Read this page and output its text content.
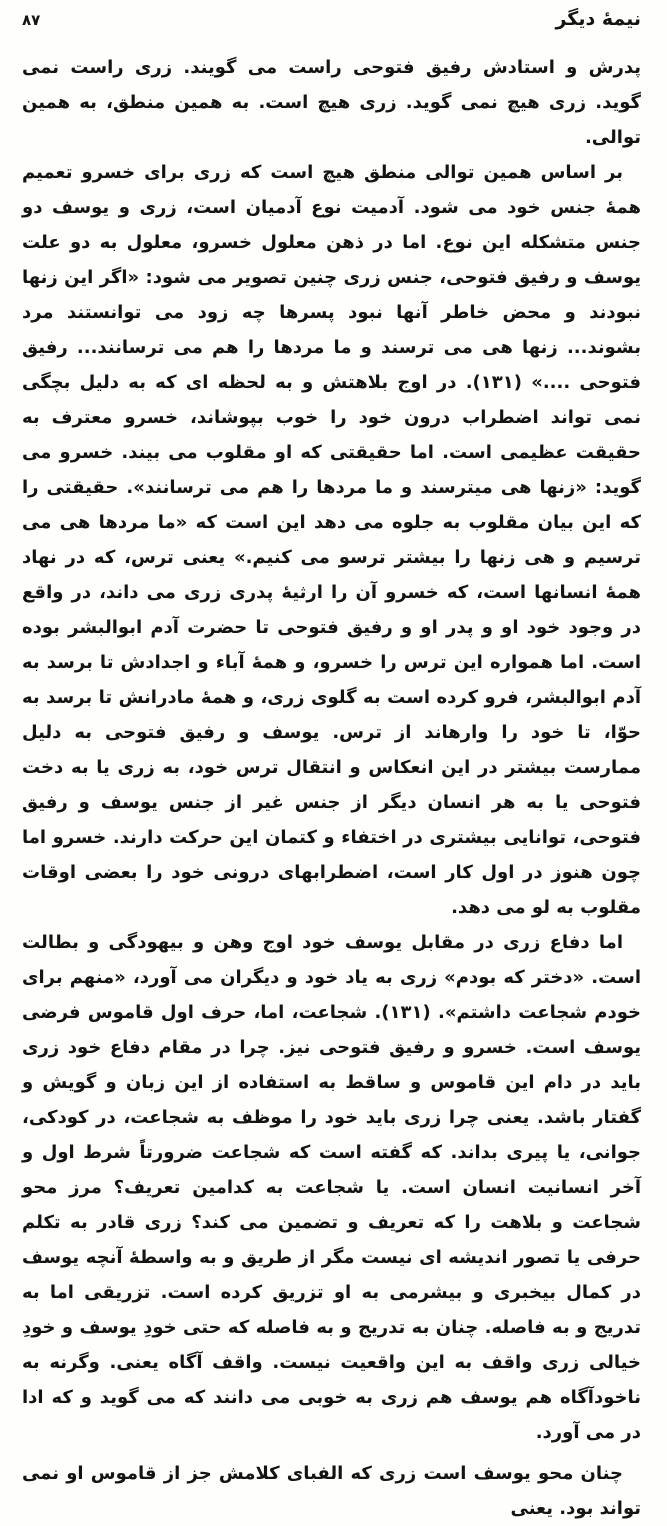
۸۷	نیمهٔ دیگر

پدرش و استادش رفیق فتوحی راست می گویند. زری راست نمی گوید. زری هیچ نمی گوید. زری هیچ است. به همین منطق، به همین توالی.

بر اساس همین توالی منطق هیچ است که زری برای خسرو تعمیم همهٔ جنس خود می شود. آدمیت نوع آدمیان است، زری و یوسف دو جنس متشکله این نوع. اما در ذهن معلول خسرو، معلول به دو علت یوسف و رفیق فتوحی، جنس زری چنین تصویر می شود: «اگر این زنها نبودند و محض خاطر آنها نبود پسرها چه زود می توانستند مرد بشوند... زنها هی می ترسند و ما مردها را هم می ترسانند... رفیق فتوحی ....» (۱۳۱). در اوج بلاهتش و به لحظه ای که به دلیل بچگی نمی تواند اضطراب درون خود را خوب بپوشاند، خسرو معترف به حقیقت عظیمی است. اما حقیقتی که او مقلوب می بیند. خسرو می گوید: «زنها هی میترسند و ما مردها را هم می ترسانند». حقیقتی را که این بیان مقلوب به جلوه می دهد این است که «ما مردها هی می ترسیم و هی زنها را بیشتر ترسو می کنیم.» یعنی ترس، که در نهاد همهٔ انسانها است، که خسرو آن را ارثیهٔ پدری زری می داند، در واقع در وجود خود او و پدر او و رفیق فتوحی تا حضرت آدم ابوالبشر بوده است. اما همواره این ترس را خسرو، و همهٔ آباء و اجدادش تا برسد به آدم ابوالبشر، فرو کرده است به گلوی زری، و همهٔ مادرانش تا برسد به حوّا، تا خود را وارهاند از ترس. یوسف و رفیق فتوحی به دلیل ممارست بیشتر در این انعکاس و انتقال ترس خود، به زری یا به دخت فتوحی یا به هر انسان دیگر از جنس غیر از جنس یوسف و رفیق فتوحی، توانایی بیشتری در اختفاء و کتمان این حرکت دارند. خسرو اما چون هنوز در اول کار است، اضطرابهای درونی خود را بعضی اوقات مقلوب به لو می دهد.

اما دفاع زری در مقابل یوسف خود اوج وهن و بیهودگی و بطالت است. «دختر که بودم» زری به یاد خود و دیگران می آورد، «منهم برای خودم شجاعت داشتم». (۱۳۱). شجاعت، اما، حرف اول قاموس فرضی یوسف است. خسرو و رفیق فتوحی نیز. چرا در مقام دفاع خود زری باید در دام این قاموس و ساقط به استفاده از این زبان و گویش و گفتار باشد. یعنی چرا زری باید خود را موظف به شجاعت، در کودکی، جوانی، یا پیری بداند. که گفته است که شجاعت ضرورتاً شرط اول و آخر انسانیت انسان است. یا شجاعت به کدامین تعریف؟ مرز محو شجاعت و بلاهت را که تعریف و تضمین می کند؟ زری قادر به تکلم حرفی یا تصور اندیشه ای نیست مگر از طریق و به واسطهٔ آنچه یوسف در کمال بیخبری و بیشرمی به او تزریق کرده است. تزریقی اما به تدریج و به فاصله. چنان به تدریج و به فاصله که حتی خودِ یوسف و خودِ خیالی زری واقف به این واقعیت نیست. واقف آگاه یعنی. وگرنه به ناخودآگاه هم یوسف هم زری به خوبی می دانند که می گوید و که ادا در می آورد.

چنان محو یوسف است زری که الفبای کلامش جز از قاموس او نمی تواند بود. یعنی
